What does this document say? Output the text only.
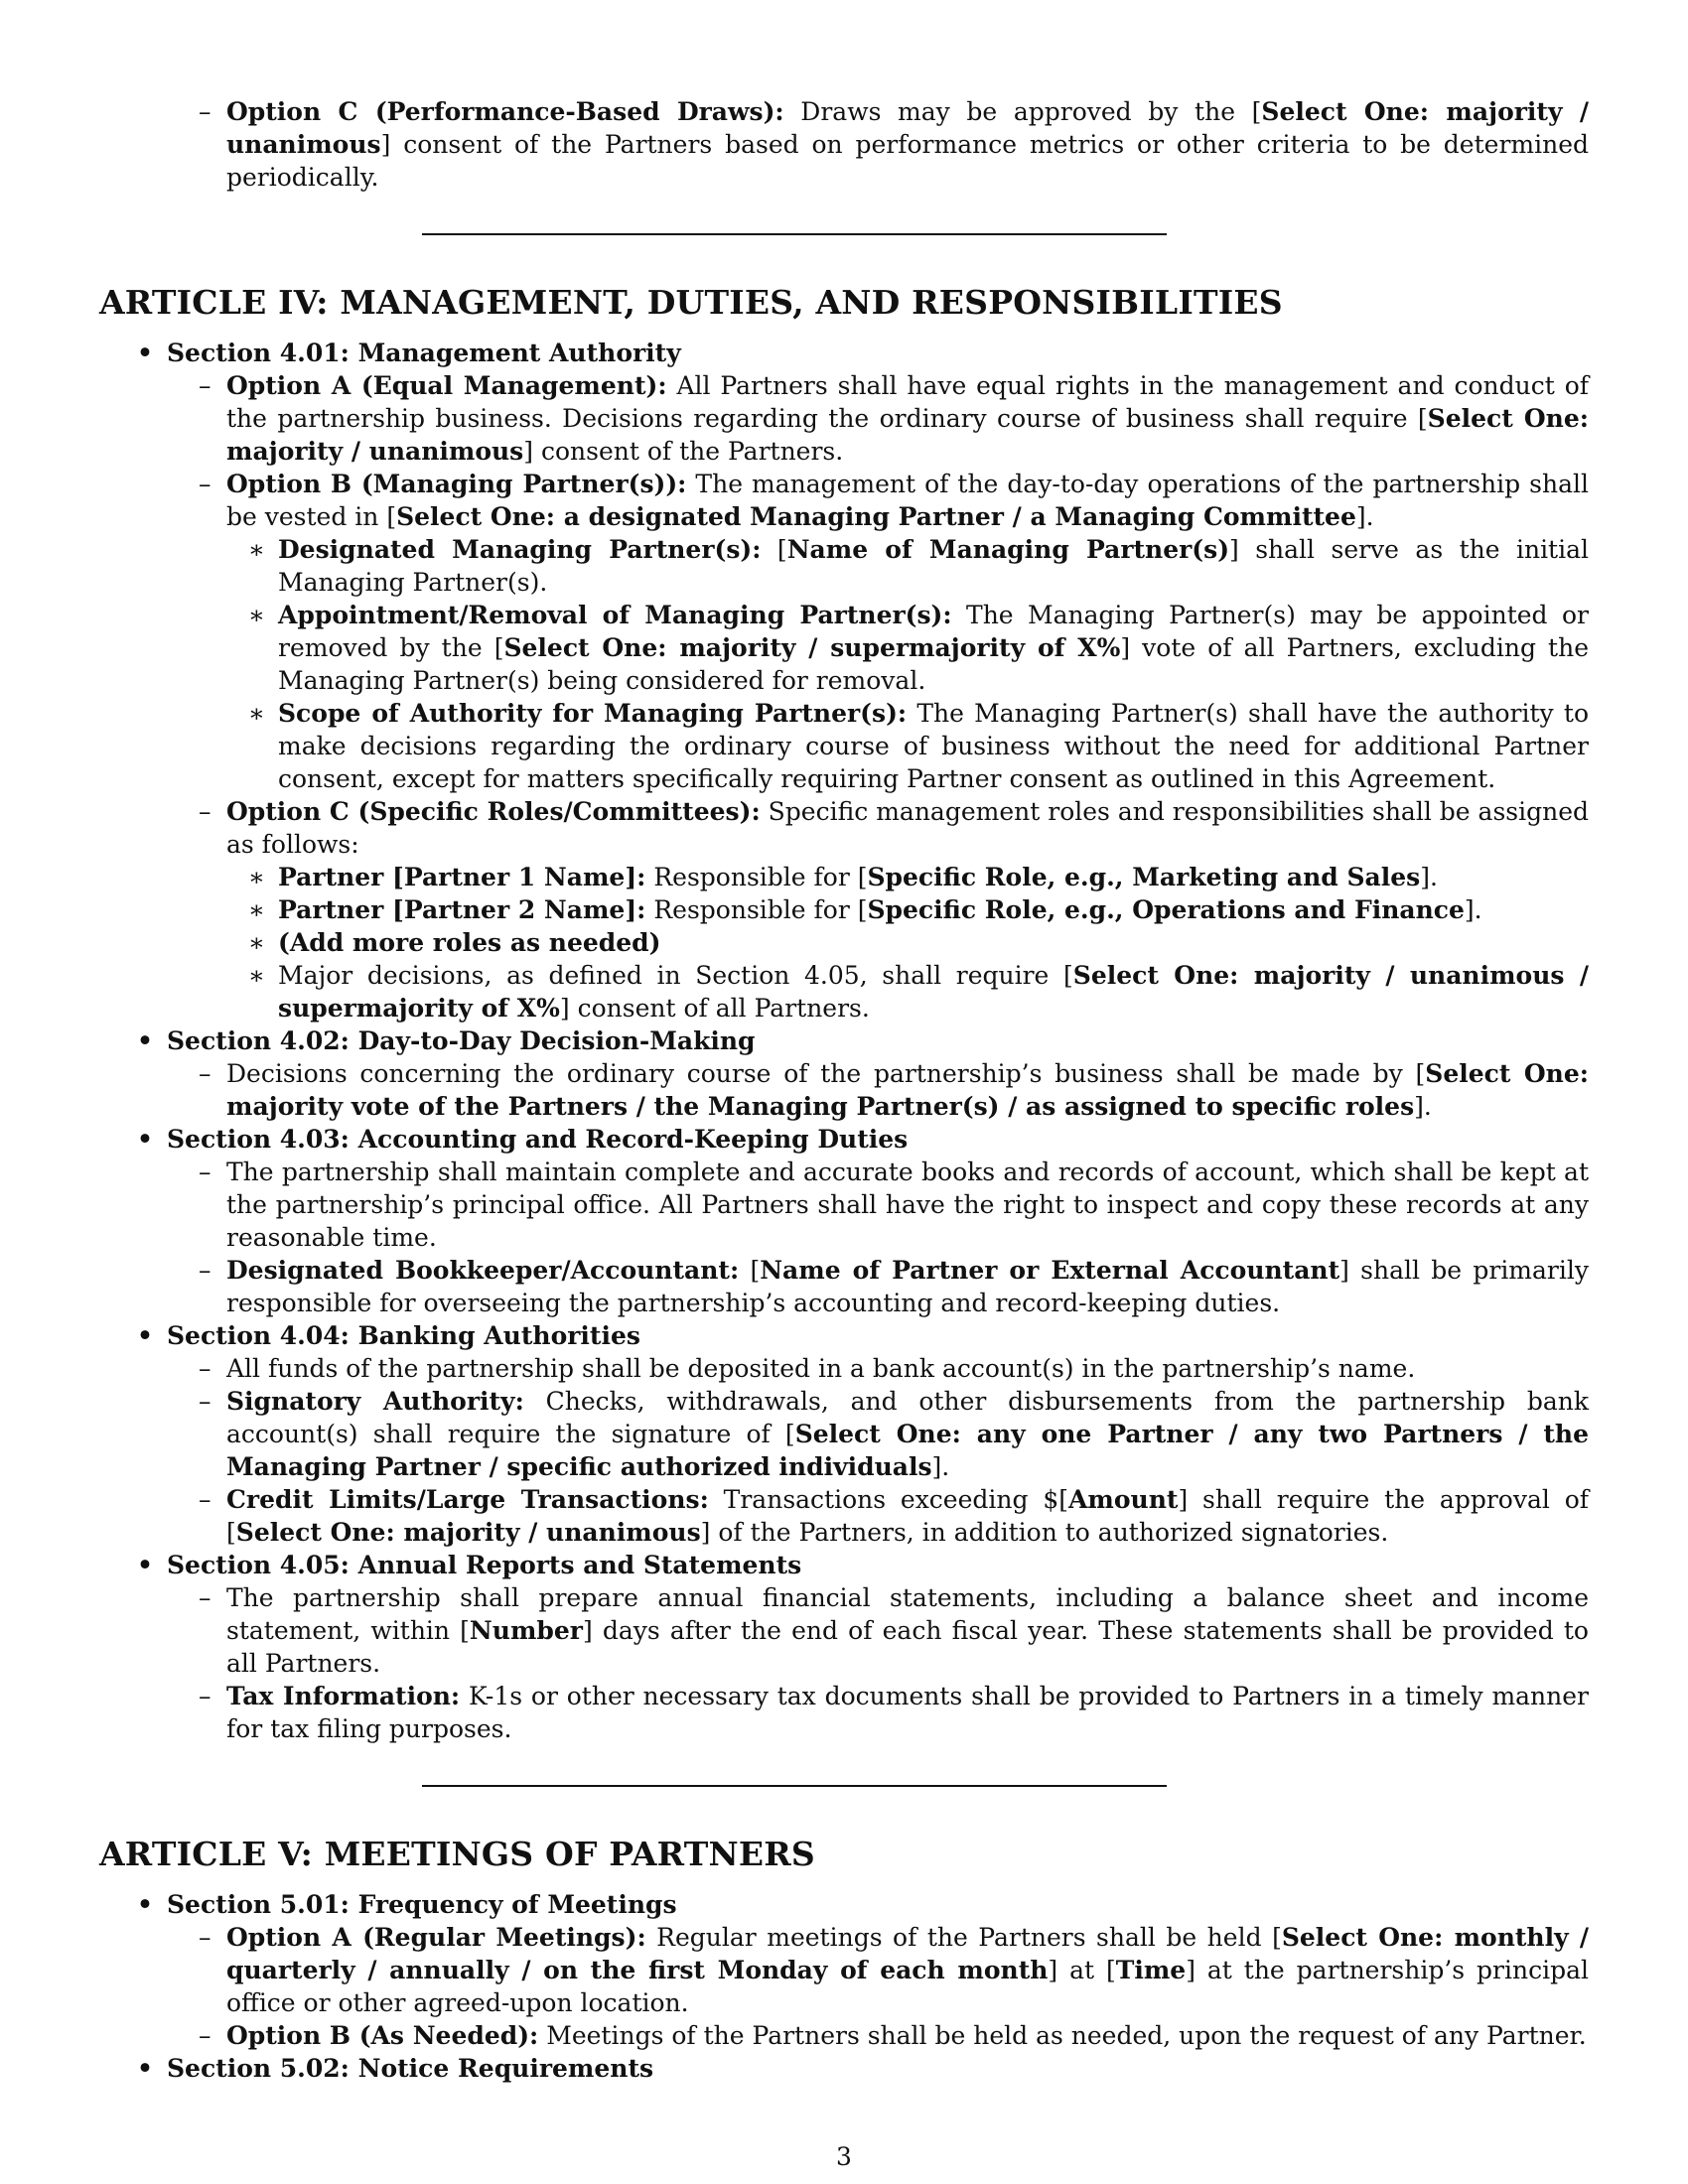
– Option C (Performance-Based Draws): Draws may be approved by the [Select One: majority / unanimous] consent of the Partners based on performance metrics or other criteria to be determined periodically.
ARTICLE IV: MANAGEMENT, DUTIES, AND RESPONSIBILITIES
• Section 4.01: Management Authority
– Option A (Equal Management): All Partners shall have equal rights in the management and conduct of the partnership business. Decisions regarding the ordinary course of business shall require [Select One: majority / unanimous] consent of the Partners.
– Option B (Managing Partner(s)): The management of the day-to-day operations of the partnership shall be vested in [Select One: a designated Managing Partner / a Managing Committee].
∗ Designated Managing Partner(s): [Name of Managing Partner(s)] shall serve as the initial Managing Partner(s).
∗ Appointment/Removal of Managing Partner(s): The Managing Partner(s) may be appointed or removed by the [Select One: majority / supermajority of X%] vote of all Partners, excluding the Managing Partner(s) being considered for removal.
∗ Scope of Authority for Managing Partner(s): The Managing Partner(s) shall have the authority to make decisions regarding the ordinary course of business without the need for additional Partner consent, except for matters specifically requiring Partner consent as outlined in this Agreement.
– Option C (Specific Roles/Committees): Specific management roles and responsibilities shall be assigned as follows:
∗ Partner [Partner 1 Name]: Responsible for [Specific Role, e.g., Marketing and Sales].
∗ Partner [Partner 2 Name]: Responsible for [Specific Role, e.g., Operations and Finance].
∗ (Add more roles as needed)
∗ Major decisions, as defined in Section 4.05, shall require [Select One: majority / unanimous / supermajority of X%] consent of all Partners.
• Section 4.02: Day-to-Day Decision-Making
– Decisions concerning the ordinary course of the partnership’s business shall be made by [Select One: majority vote of the Partners / the Managing Partner(s) / as assigned to specific roles].
• Section 4.03: Accounting and Record-Keeping Duties
– The partnership shall maintain complete and accurate books and records of account, which shall be kept at the partnership’s principal office. All Partners shall have the right to inspect and copy these records at any reasonable time.
– Designated Bookkeeper/Accountant: [Name of Partner or External Accountant] shall be primarily responsible for overseeing the partnership’s accounting and record-keeping duties.
• Section 4.04: Banking Authorities
– All funds of the partnership shall be deposited in a bank account(s) in the partnership’s name.
– Signatory Authority: Checks, withdrawals, and other disbursements from the partnership bank account(s) shall require the signature of [Select One: any one Partner / any two Partners / the Managing Partner / specific authorized individuals].
– Credit Limits/Large Transactions: Transactions exceeding $[Amount] shall require the approval of [Select One: majority / unanimous] of the Partners, in addition to authorized signatories.
• Section 4.05: Annual Reports and Statements
– The partnership shall prepare annual financial statements, including a balance sheet and income statement, within [Number] days after the end of each fiscal year. These statements shall be provided to all Partners.
– Tax Information: K-1s or other necessary tax documents shall be provided to Partners in a timely manner for tax filing purposes.
ARTICLE V: MEETINGS OF PARTNERS
• Section 5.01: Frequency of Meetings
– Option A (Regular Meetings): Regular meetings of the Partners shall be held [Select One: monthly / quarterly / annually / on the first Monday of each month] at [Time] at the partnership’s principal office or other agreed-upon location.
– Option B (As Needed): Meetings of the Partners shall be held as needed, upon the request of any Partner.
• Section 5.02: Notice Requirements
3
